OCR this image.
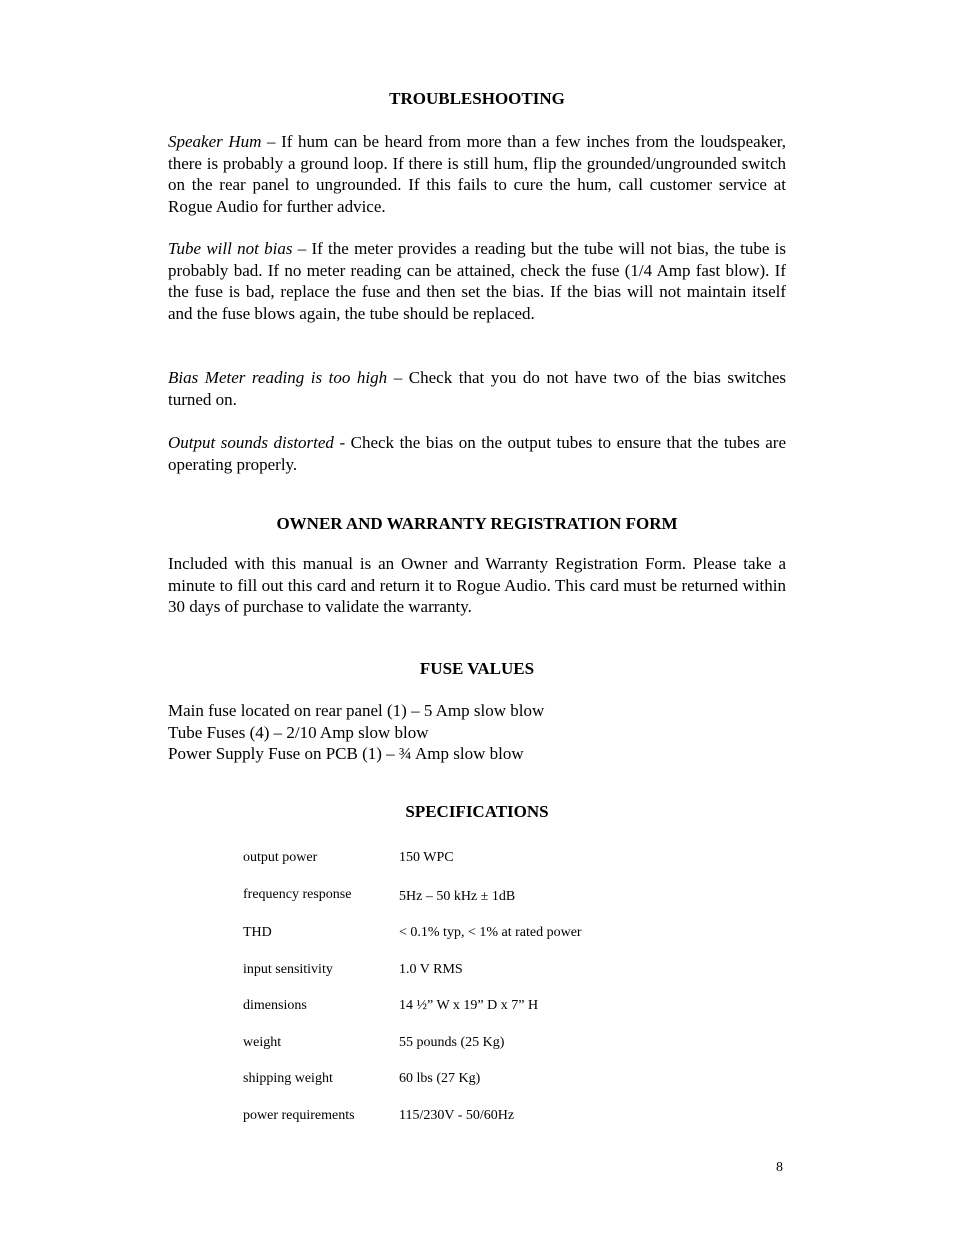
TROUBLESHOOTING

Speaker Hum – If hum can be heard from more than a few inches from the loudspeaker, there is probably a ground loop. If there is still hum, flip the grounded/ungrounded switch on the rear panel to ungrounded. If this fails to cure the hum, call customer service at Rogue Audio for further advice.

Tube will not bias – If the meter provides a reading but the tube will not bias, the tube is probably bad. If no meter reading can be attained, check the fuse (1/4 Amp fast blow). If the fuse is bad, replace the fuse and then set the bias. If the bias will not maintain itself and the fuse blows again, the tube should be replaced.

Bias Meter reading is too high – Check that you do not have two of the bias switches turned on.

Output sounds distorted - Check the bias on the output tubes to ensure that the tubes are operating properly.

OWNER AND WARRANTY REGISTRATION FORM

Included with this manual is an Owner and Warranty Registration Form. Please take a minute to fill out this card and return it to Rogue Audio. This card must be returned within 30 days of purchase to validate the warranty.

FUSE VALUES

Main fuse located on rear panel (1) – 5 Amp slow blow

Tube Fuses (4) – 2/10 Amp slow blow

Power Supply Fuse on PCB (1) – ¾ Amp slow blow

SPECIFICATIONS
output power	150 WPC
frequency response	5Hz – 50 kHz ± 1dB
THD	< 0.1% typ, < 1% at rated power
input sensitivity	1.0 V RMS
dimensions	14 ½” W x 19” D x 7” H
weight	55 pounds (25 Kg)
shipping weight	60 lbs (27 Kg)
power requirements	115/230V - 50/60Hz
8
